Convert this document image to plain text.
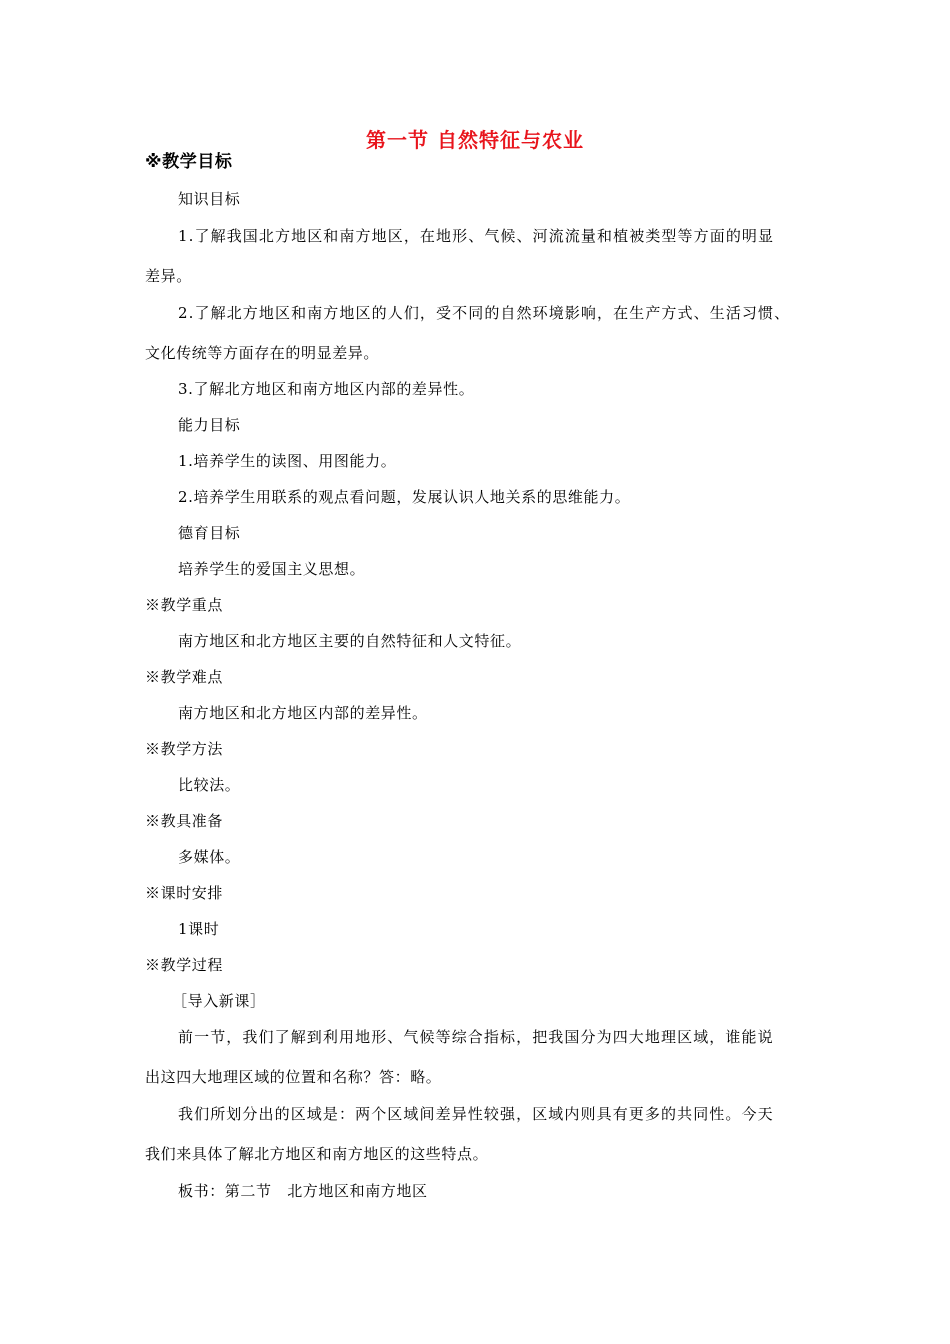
第一节 自然特征与农业
※教学目标
知识目标
1.了解我国北方地区和南方地区，在地形、气候、河流流量和植被类型等方面的明显
差异。
2.了解北方地区和南方地区的人们，受不同的自然环境影响，在生产方式、生活习惯、
文化传统等方面存在的明显差异。
3.了解北方地区和南方地区内部的差异性。
能力目标
1.培养学生的读图、用图能力。
2.培养学生用联系的观点看问题，发展认识人地关系的思维能力。
德育目标
培养学生的爱国主义思想。
※教学重点
南方地区和北方地区主要的自然特征和人文特征。
※教学难点
南方地区和北方地区内部的差异性。
※教学方法
比较法。
※教具准备
多媒体。
※课时安排
1课时
※教学过程
［导入新课］
前一节，我们了解到利用地形、气候等综合指标，把我国分为四大地理区域，谁能说
出这四大地理区域的位置和名称？答：略。
我们所划分出的区域是：两个区域间差异性较强，区域内则具有更多的共同性。今天
我们来具体了解北方地区和南方地区的这些特点。
板书：第二节　北方地区和南方地区
